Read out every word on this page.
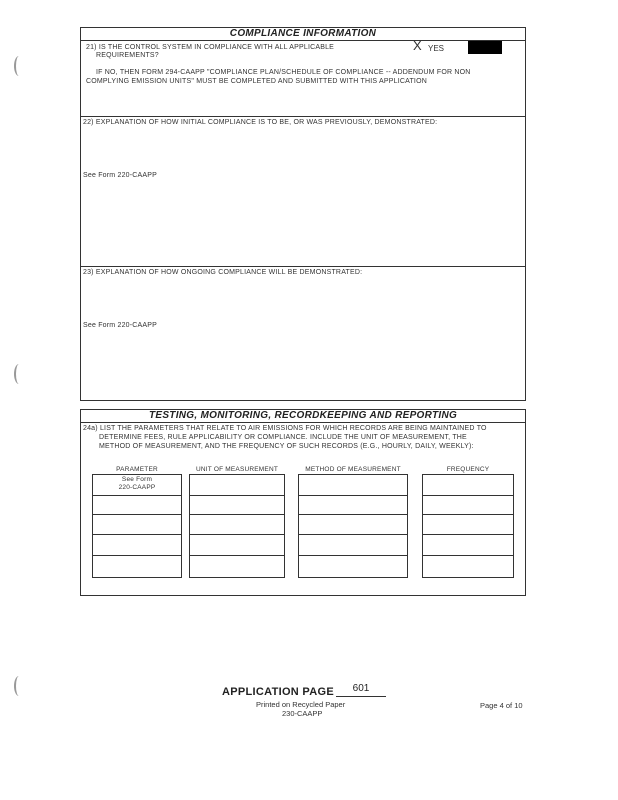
COMPLIANCE INFORMATION
21) IS THE CONTROL SYSTEM IN COMPLIANCE WITH ALL APPLICABLE
REQUIREMENTS?
X YES
IF NO, THEN FORM 294-CAAPP "COMPLIANCE PLAN/SCHEDULE OF COMPLIANCE -- ADDENDUM FOR NON
COMPLYING EMISSION UNITS" MUST BE COMPLETED AND SUBMITTED WITH THIS APPLICATION
22) EXPLANATION OF HOW INITIAL COMPLIANCE IS TO BE, OR WAS PREVIOUSLY, DEMONSTRATED:
See Form 220-CAAPP
23) EXPLANATION OF HOW ONGOING COMPLIANCE WILL BE DEMONSTRATED:
See Form 220-CAAPP
TESTING, MONITORING, RECORDKEEPING AND REPORTING
24a) LIST THE PARAMETERS THAT RELATE TO AIR EMISSIONS FOR WHICH RECORDS ARE BEING MAINTAINED TO
DETERMINE FEES, RULE APPLICABILITY OR COMPLIANCE. INCLUDE THE UNIT OF MEASUREMENT, THE
METHOD OF MEASUREMENT, AND THE FREQUENCY OF SUCH RECORDS (E.G., HOURLY, DAILY, WEEKLY):
PARAMETER	UNIT OF MEASUREMENT	METHOD OF MEASUREMENT	FREQUENCY
See Form
220-CAAPP
APPLICATION PAGE	601
Printed on Recycled Paper
230-CAAPP
Page 4 of 10
